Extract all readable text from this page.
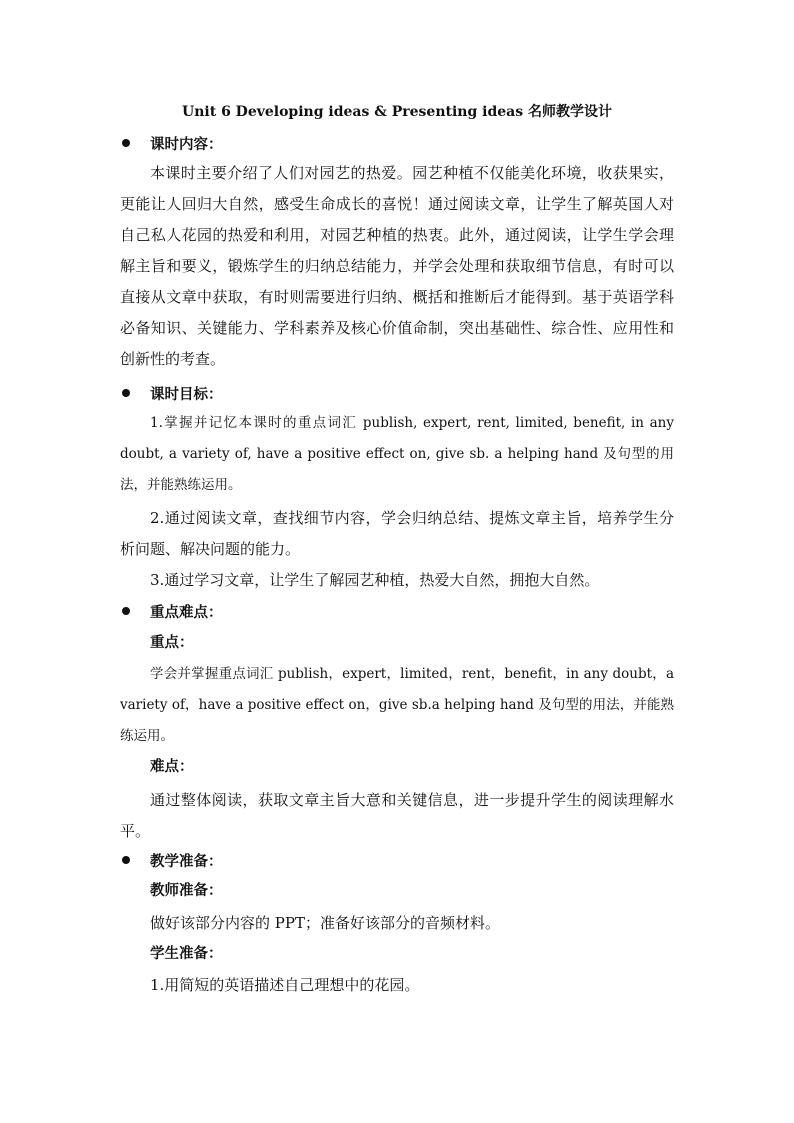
Unit 6 Developing ideas & Presenting ideas 名师教学设计
课时内容：
本课时主要介绍了人们对园艺的热爱。园艺种植不仅能美化环境，收获果实，更能让人回归大自然，感受生命成长的喜悦！通过阅读文章，让学生了解英国人对自己私人花园的热爱和利用，对园艺种植的热衷。此外，通过阅读，让学生学会理解主旨和要义，锻炼学生的归纳总结能力，并学会处理和获取细节信息，有时可以直接从文章中获取，有时则需要进行归纳、概括和推断后才能得到。基于英语学科必备知识、关键能力、学科素养及核心价值命制，突出基础性、综合性、应用性和创新性的考查。
课时目标：
1.掌握并记忆本课时的重点词汇 publish, expert, rent, limited, benefit, in any doubt, a variety of, have a positive effect on, give sb. a helping hand 及句型的用法，并能熟练运用。
2.通过阅读文章，查找细节内容，学会归纳总结、提炼文章主旨，培养学生分析问题、解决问题的能力。
3.通过学习文章，让学生了解园艺种植，热爱大自然，拥抱大自然。
重点难点：
重点：
学会并掌握重点词汇 publish，expert，limited，rent，benefit，in any doubt，a variety of，have a positive effect on，give sb.a helping hand 及句型的用法，并能熟练运用。
难点：
通过整体阅读，获取文章主旨大意和关键信息，进一步提升学生的阅读理解水平。
教学准备：
教师准备：
做好该部分内容的 PPT；准备好该部分的音频材料。
学生准备：
1.用简短的英语描述自己理想中的花园。
